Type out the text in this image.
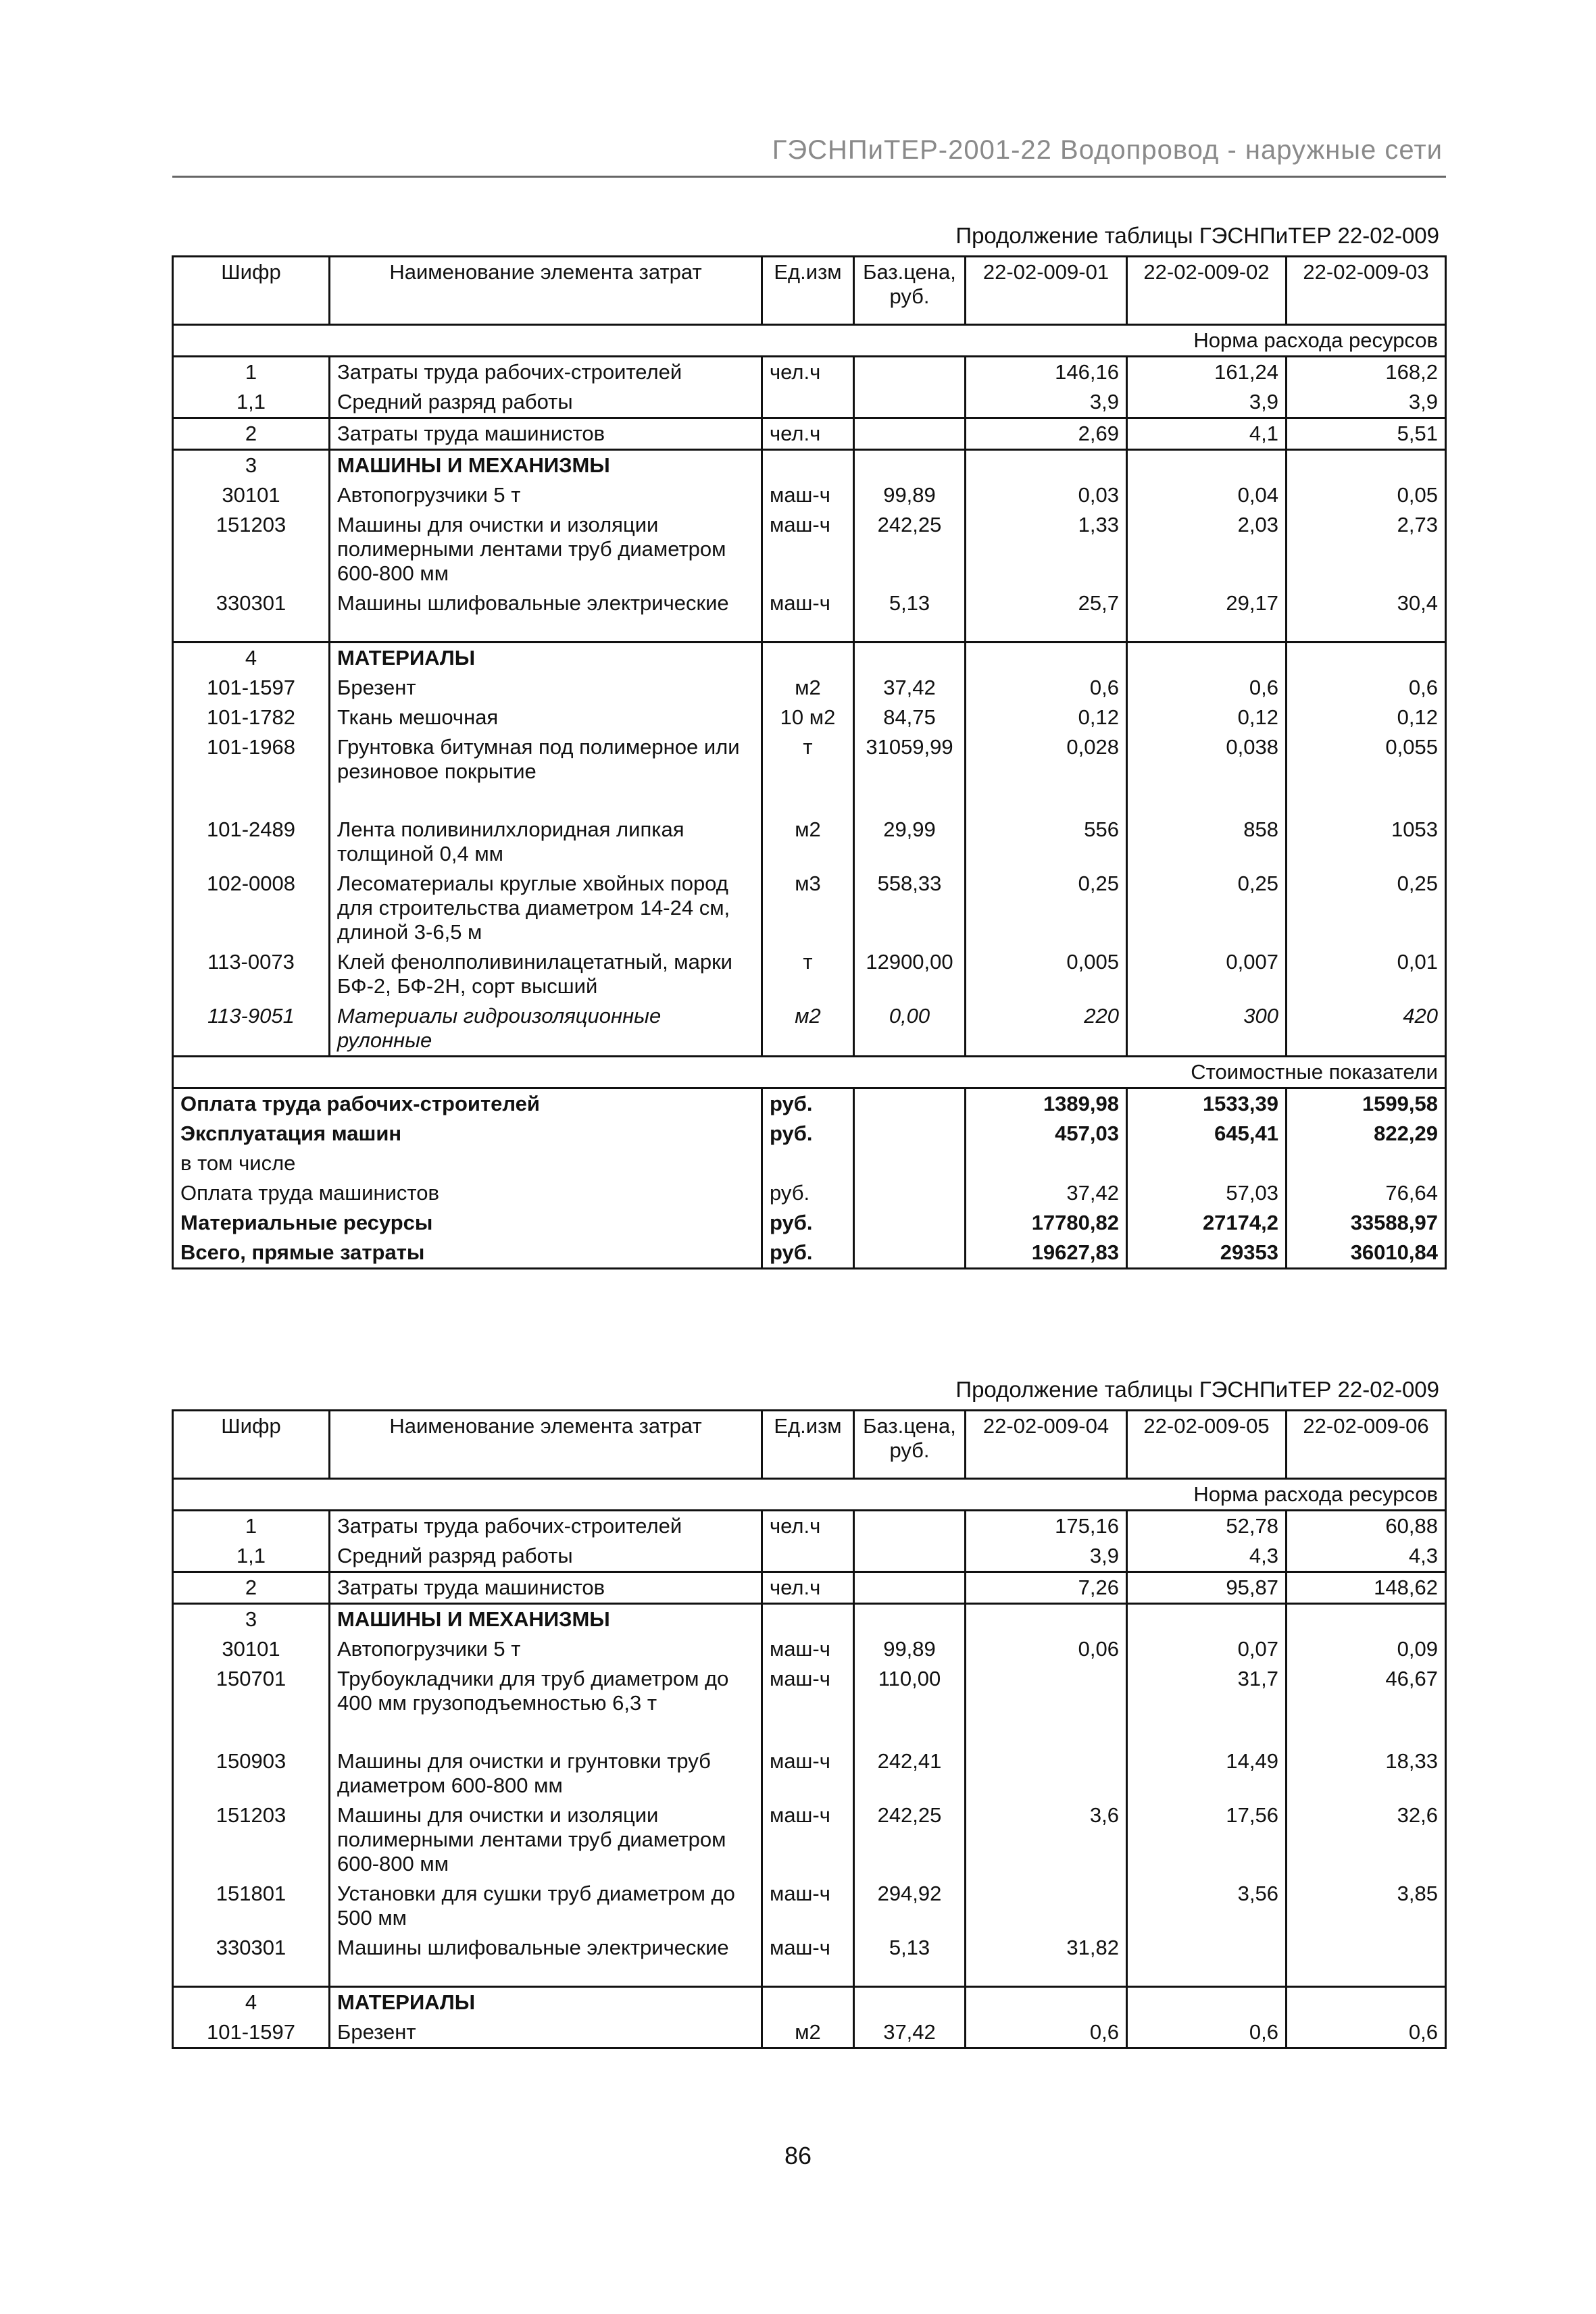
ГЭСНПиТЕР-2001-22 Водопровод - наружные сети
Продолжение таблицы ГЭСНПиТЕР 22-02-009
Шифр	Наименование элемента затрат	Ед.изм	Баз.цена, руб.	22-02-009-01	22-02-009-02	22-02-009-03
Норма расхода ресурсов						
1	Затраты труда рабочих-строителей	чел.ч		146,16	161,24	168,2
1,1	Средний разряд работы			3,9	3,9	3,9
2	Затраты труда машинистов	чел.ч		2,69	4,1	5,51
3	МАШИНЫ И МЕХАНИЗМЫ					
30101	Автопогрузчики 5 т	маш-ч	99,89	0,03	0,04	0,05
151203	Машины для очистки и изоляции полимерными лентами труб диаметром 600-800 мм	маш-ч	242,25	1,33	2,03	2,73
330301	Машины шлифовальные электрические	маш-ч	5,13	25,7	29,17	30,4
4	МАТЕРИАЛЫ					
101-1597	Брезент	м2	37,42	0,6	0,6	0,6
101-1782	Ткань мешочная	10 м2	84,75	0,12	0,12	0,12
101-1968	Грунтовка битумная под полимерное или резиновое покрытие	т	31059,99	0,028	0,038	0,055
101-2489	Лента поливинилхлоридная липкая толщиной 0,4 мм	м2	29,99	556	858	1053
102-0008	Лесоматериалы круглые хвойных пород для строительства диаметром 14-24 см, длиной 3-6,5 м	м3	558,33	0,25	0,25	0,25
113-0073	Клей фенолполивинилацетатный, марки БФ-2, БФ-2Н, сорт высший	т	12900,00	0,005	0,007	0,01
113-9051	Материалы гидроизоляционные рулонные	м2	0,00	220	300	420
Стоимостные показатели						
Оплата труда рабочих-строителей		руб.		1389,98	1533,39	1599,58
Эксплуатация машин		руб.		457,03	645,41	822,29
в том числе						
Оплата труда машинистов		руб.		37,42	57,03	76,64
Материальные ресурсы		руб.		17780,82	27174,2	33588,97
Всего, прямые затраты		руб.		19627,83	29353	36010,84
Продолжение таблицы ГЭСНПиТЕР 22-02-009
Шифр	Наименование элемента затрат	Ед.изм	Баз.цена, руб.	22-02-009-04	22-02-009-05	22-02-009-06
Норма расхода ресурсов						
1	Затраты труда рабочих-строителей	чел.ч		175,16	52,78	60,88
1,1	Средний разряд работы			3,9	4,3	4,3
2	Затраты труда машинистов	чел.ч		7,26	95,87	148,62
3	МАШИНЫ И МЕХАНИЗМЫ					
30101	Автопогрузчики 5 т	маш-ч	99,89	0,06	0,07	0,09
150701	Трубоукладчики для труб диаметром до 400 мм грузоподъемностью 6,3 т	маш-ч	110,00		31,7	46,67
150903	Машины для очистки и грунтовки труб диаметром 600-800 мм	маш-ч	242,41		14,49	18,33
151203	Машины для очистки и изоляции полимерными лентами труб диаметром 600-800 мм	маш-ч	242,25	3,6	17,56	32,6
151801	Установки для сушки труб диаметром до 500 мм	маш-ч	294,92		3,56	3,85
330301	Машины шлифовальные электрические	маш-ч	5,13	31,82		
4	МАТЕРИАЛЫ					
101-1597	Брезент	м2	37,42	0,6	0,6	0,6
86
